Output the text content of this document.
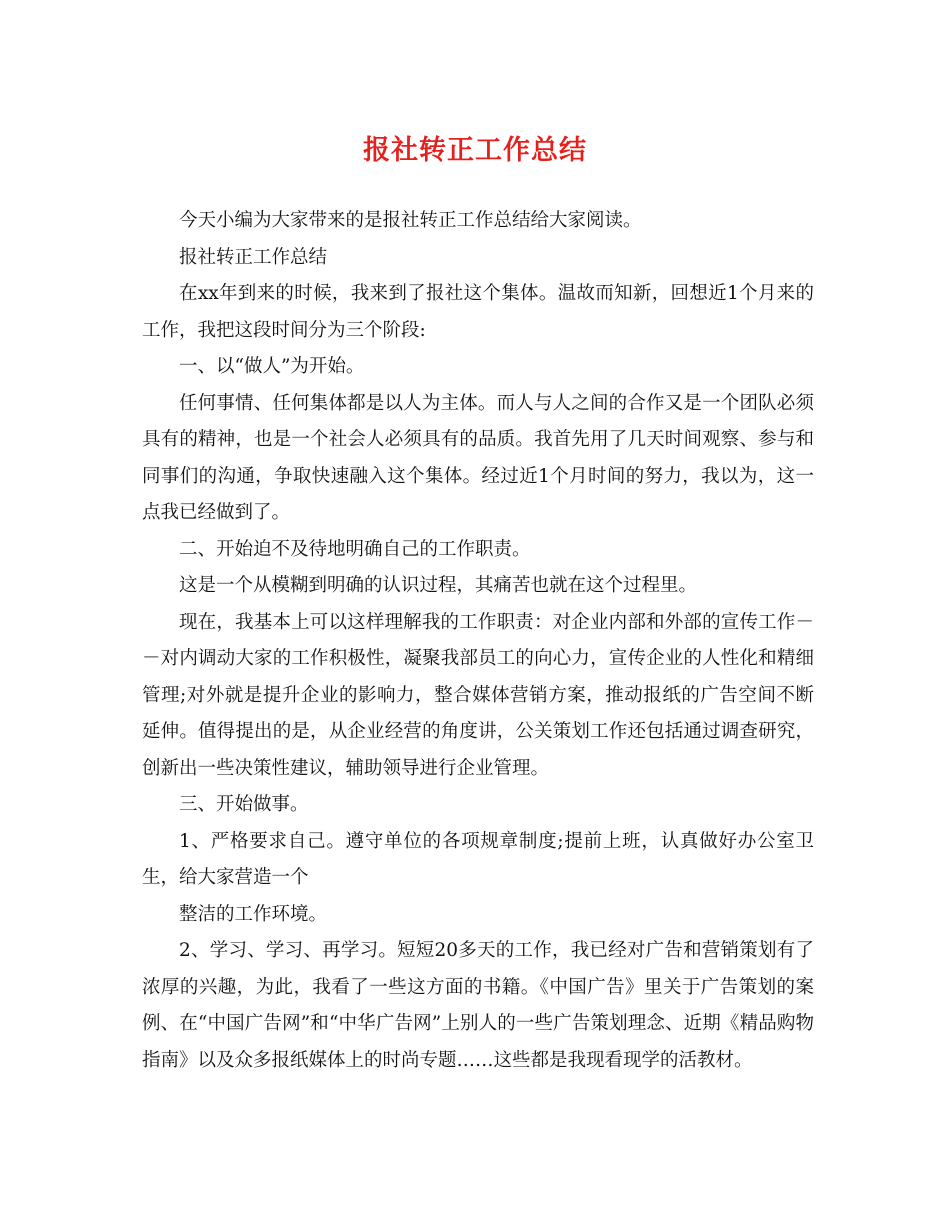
报社转正工作总结

今天小编为大家带来的是报社转正工作总结给大家阅读。

报社转正工作总结

在xx年到来的时候，我来到了报社这个集体。温故而知新，回想近1个月来的工作，我把这段时间分为三个阶段:

一、以“做人”为开始。

任何事情、任何集体都是以人为主体。而人与人之间的合作又是一个团队必须具有的精神，也是一个社会人必须具有的品质。我首先用了几天时间观察、参与和同事们的沟通，争取快速融入这个集体。经过近1个月时间的努力，我以为，这一点我已经做到了。

二、开始迫不及待地明确自己的工作职责。

这是一个从模糊到明确的认识过程，其痛苦也就在这个过程里。

现在，我基本上可以这样理解我的工作职责：对企业内部和外部的宣传工作－－对内调动大家的工作积极性，凝聚我部员工的向心力，宣传企业的人性化和精细管理;对外就是提升企业的影响力，整合媒体营销方案，推动报纸的广告空间不断延伸。值得提出的是，从企业经营的角度讲，公关策划工作还包括通过调查研究，创新出一些决策性建议，辅助领导进行企业管理。

三、开始做事。

1、严格要求自己。遵守单位的各项规章制度;提前上班，认真做好办公室卫生，给大家营造一个

整洁的工作环境。

2、学习、学习、再学习。短短20多天的工作，我已经对广告和营销策划有了浓厚的兴趣，为此，我看了一些这方面的书籍。《中国广告》里关于广告策划的案例、在“中国广告网”和“中华广告网”上别人的一些广告策划理念、近期《精品购物指南》以及众多报纸媒体上的时尚专题……这些都是我现看现学的活教材。
